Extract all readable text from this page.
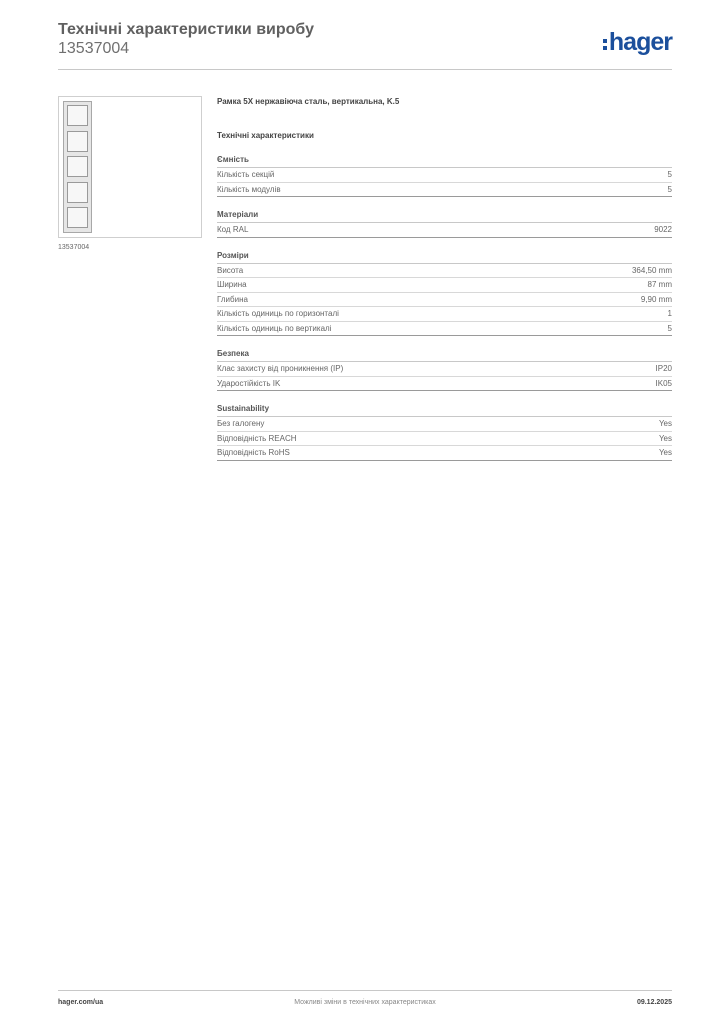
Технічні характеристики виробу
13537004	hager
13537004
Рамка 5X нержавіюча сталь, вертикальна, K.5
Технічні характеристики
Ємність
Кількість секцій	5
Кількість модулів	5
Матеріали
Код RAL	9022
Розміри
Висота	364,50 mm
Ширина	87 mm
Глибина	9,90 mm
Кількість одиниць по горизонталі	1
Кількість одиниць по вертикалі	5
Безпека
Клас захисту від проникнення (IP)	IP20
Ударостійкість IK	IK05
Sustainability
Без галогену	Yes
Відповідність REACH	Yes
Відповідність RoHS	Yes
hager.com/ua	Можливі зміни в технічних характеристиках	09.12.2025
